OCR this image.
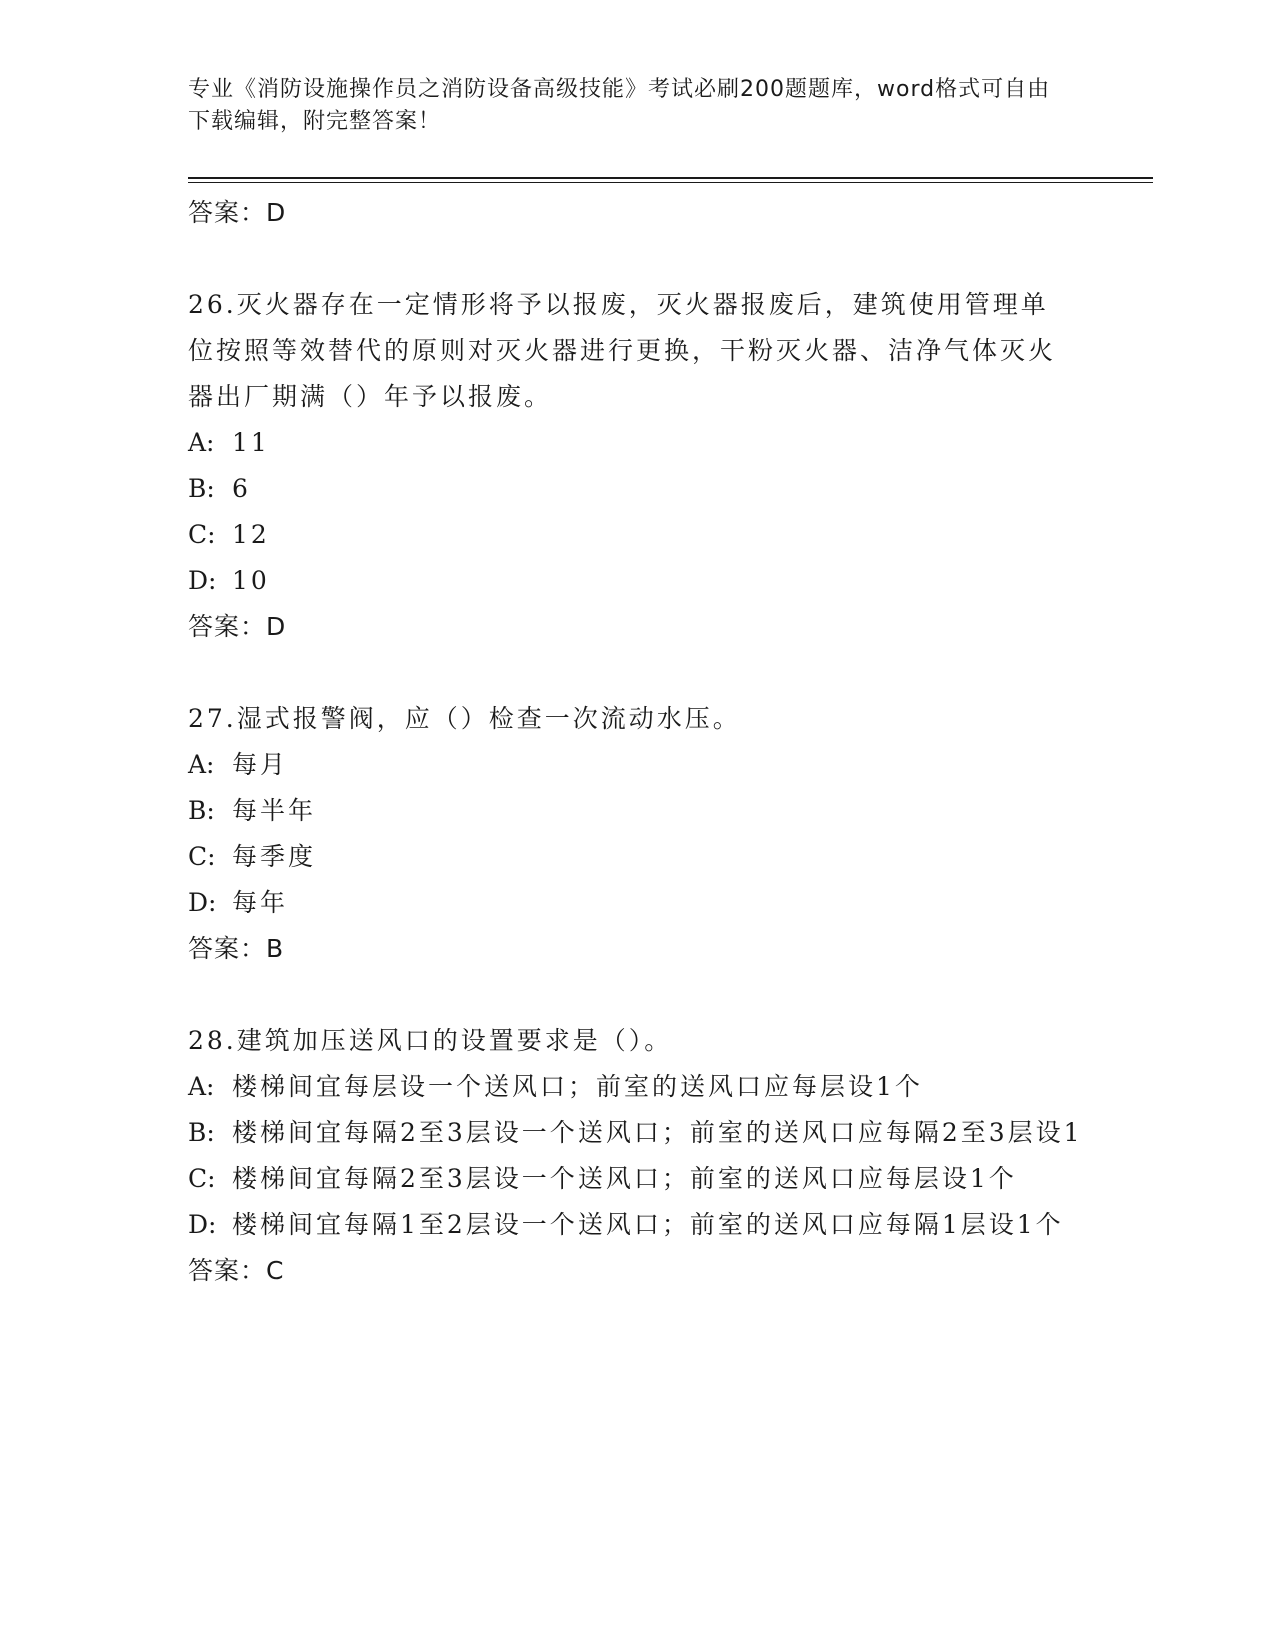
专业《消防设施操作员之消防设备高级技能》考试必刷200题题库，word格式可自由下载编辑，附完整答案！
答案：D
26.灭火器存在一定情形将予以报废，灭火器报废后，建筑使用管理单位按照等效替代的原则对灭火器进行更换，干粉灭火器、洁净气体灭火器出厂期满（）年予以报废。
A: 11
B: 6
C: 12
D: 10
答案：D
27.湿式报警阀，应（）检查一次流动水压。
A: 每月
B: 每半年
C: 每季度
D: 每年
答案：B
28.建筑加压送风口的设置要求是（）。
A: 楼梯间宜每层设一个送风口；前室的送风口应每层设1个
B: 楼梯间宜每隔2至3层设一个送风口；前室的送风口应每隔2至3层设1
C: 楼梯间宜每隔2至3层设一个送风口；前室的送风口应每层设1个
D: 楼梯间宜每隔1至2层设一个送风口；前室的送风口应每隔1层设1个
答案：C
